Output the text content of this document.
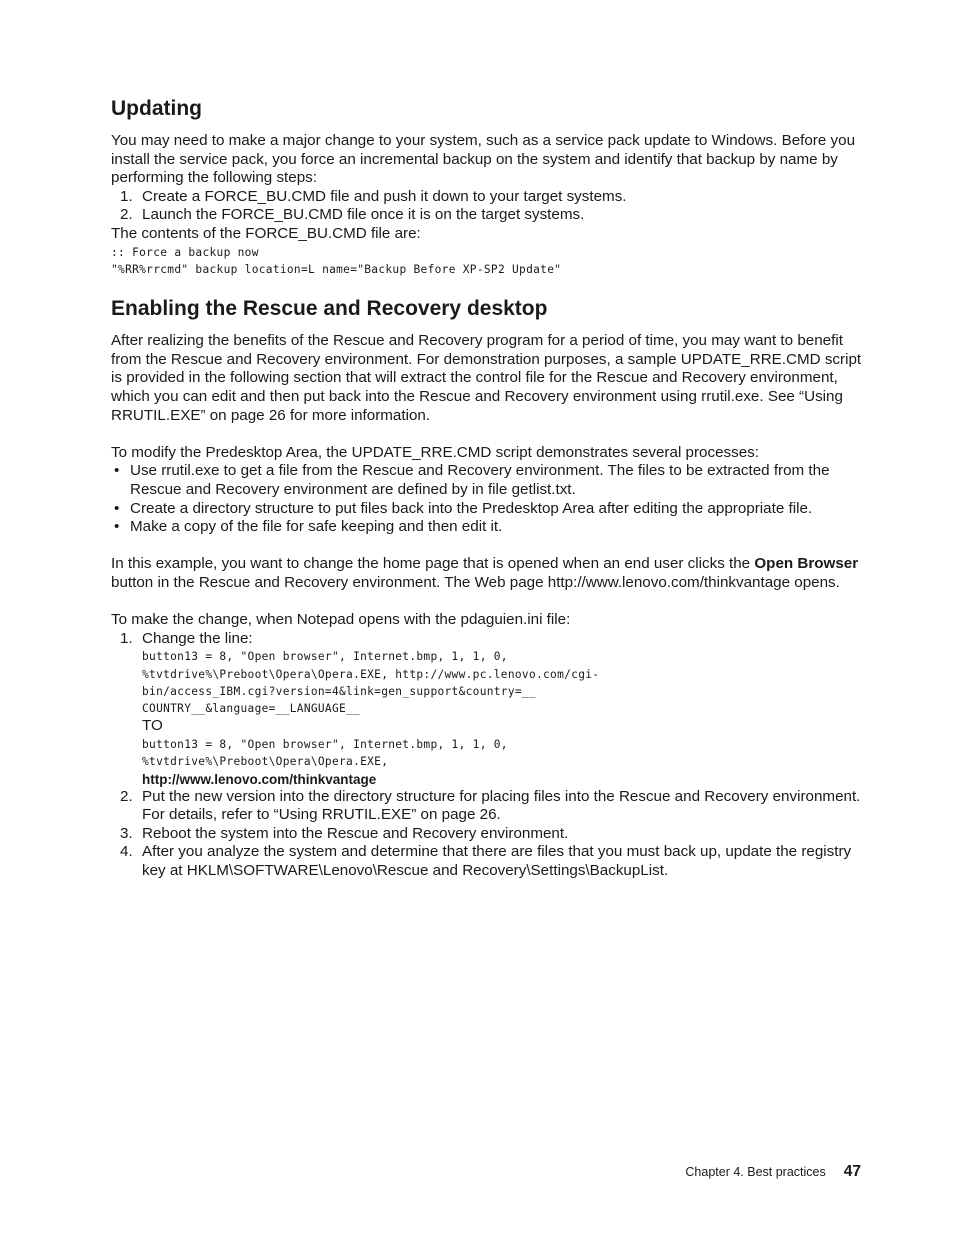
Updating

You may need to make a major change to your system, such as a service pack update to Windows. Before you install the service pack, you force an incremental backup on the system and identify that backup by name by performing the following steps:

1. Create a FORCE_BU.CMD file and push it down to your target systems.
2. Launch the FORCE_BU.CMD file once it is on the target systems.

The contents of the FORCE_BU.CMD file are:

:: Force a backup now
"%RR%rrcmd" backup location=L name="Backup Before XP-SP2 Update"
Enabling the Rescue and Recovery desktop

After realizing the benefits of the Rescue and Recovery program for a period of time, you may want to benefit from the Rescue and Recovery environment. For demonstration purposes, a sample UPDATE_RRE.CMD script is provided in the following section that will extract the control file for the Rescue and Recovery environment, which you can edit and then put back into the Rescue and Recovery environment using rrutil.exe. See “Using RRUTIL.EXE” on page 26 for more information.

To modify the Predesktop Area, the UPDATE_RRE.CMD script demonstrates several processes:

• Use rrutil.exe to get a file from the Rescue and Recovery environment. The files to be extracted from the Rescue and Recovery environment are defined by in file getlist.txt.
• Create a directory structure to put files back into the Predesktop Area after editing the appropriate file.
• Make a copy of the file for safe keeping and then edit it.

In this example, you want to change the home page that is opened when an end user clicks the Open Browser button in the Rescue and Recovery environment. The Web page http://www.lenovo.com/thinkvantage opens.

To make the change, when Notepad opens with the pdaguien.ini file:

1. Change the line:
button13 = 8, "Open browser", Internet.bmp, 1, 1, 0,
%tvtdrive%\Preboot\Opera\Opera.EXE, http://www.pc.lenovo.com/cgi-
bin/access_IBM.cgi?version=4&link=gen_support&country=__
COUNTRY__&language=__LANGUAGE__
TO
button13 = 8, "Open browser", Internet.bmp, 1, 1, 0,
%tvtdrive%\Preboot\Opera\Opera.EXE,
http://www.lenovo.com/thinkvantage
2. Put the new version into the directory structure for placing files into the Rescue and Recovery environment. For details, refer to “Using RRUTIL.EXE” on page 26.
3. Reboot the system into the Rescue and Recovery environment.
4. After you analyze the system and determine that there are files that you must back up, update the registry key at HKLM\SOFTWARE\Lenovo\Rescue and Recovery\Settings\BackupList.
Chapter 4. Best practices 47
